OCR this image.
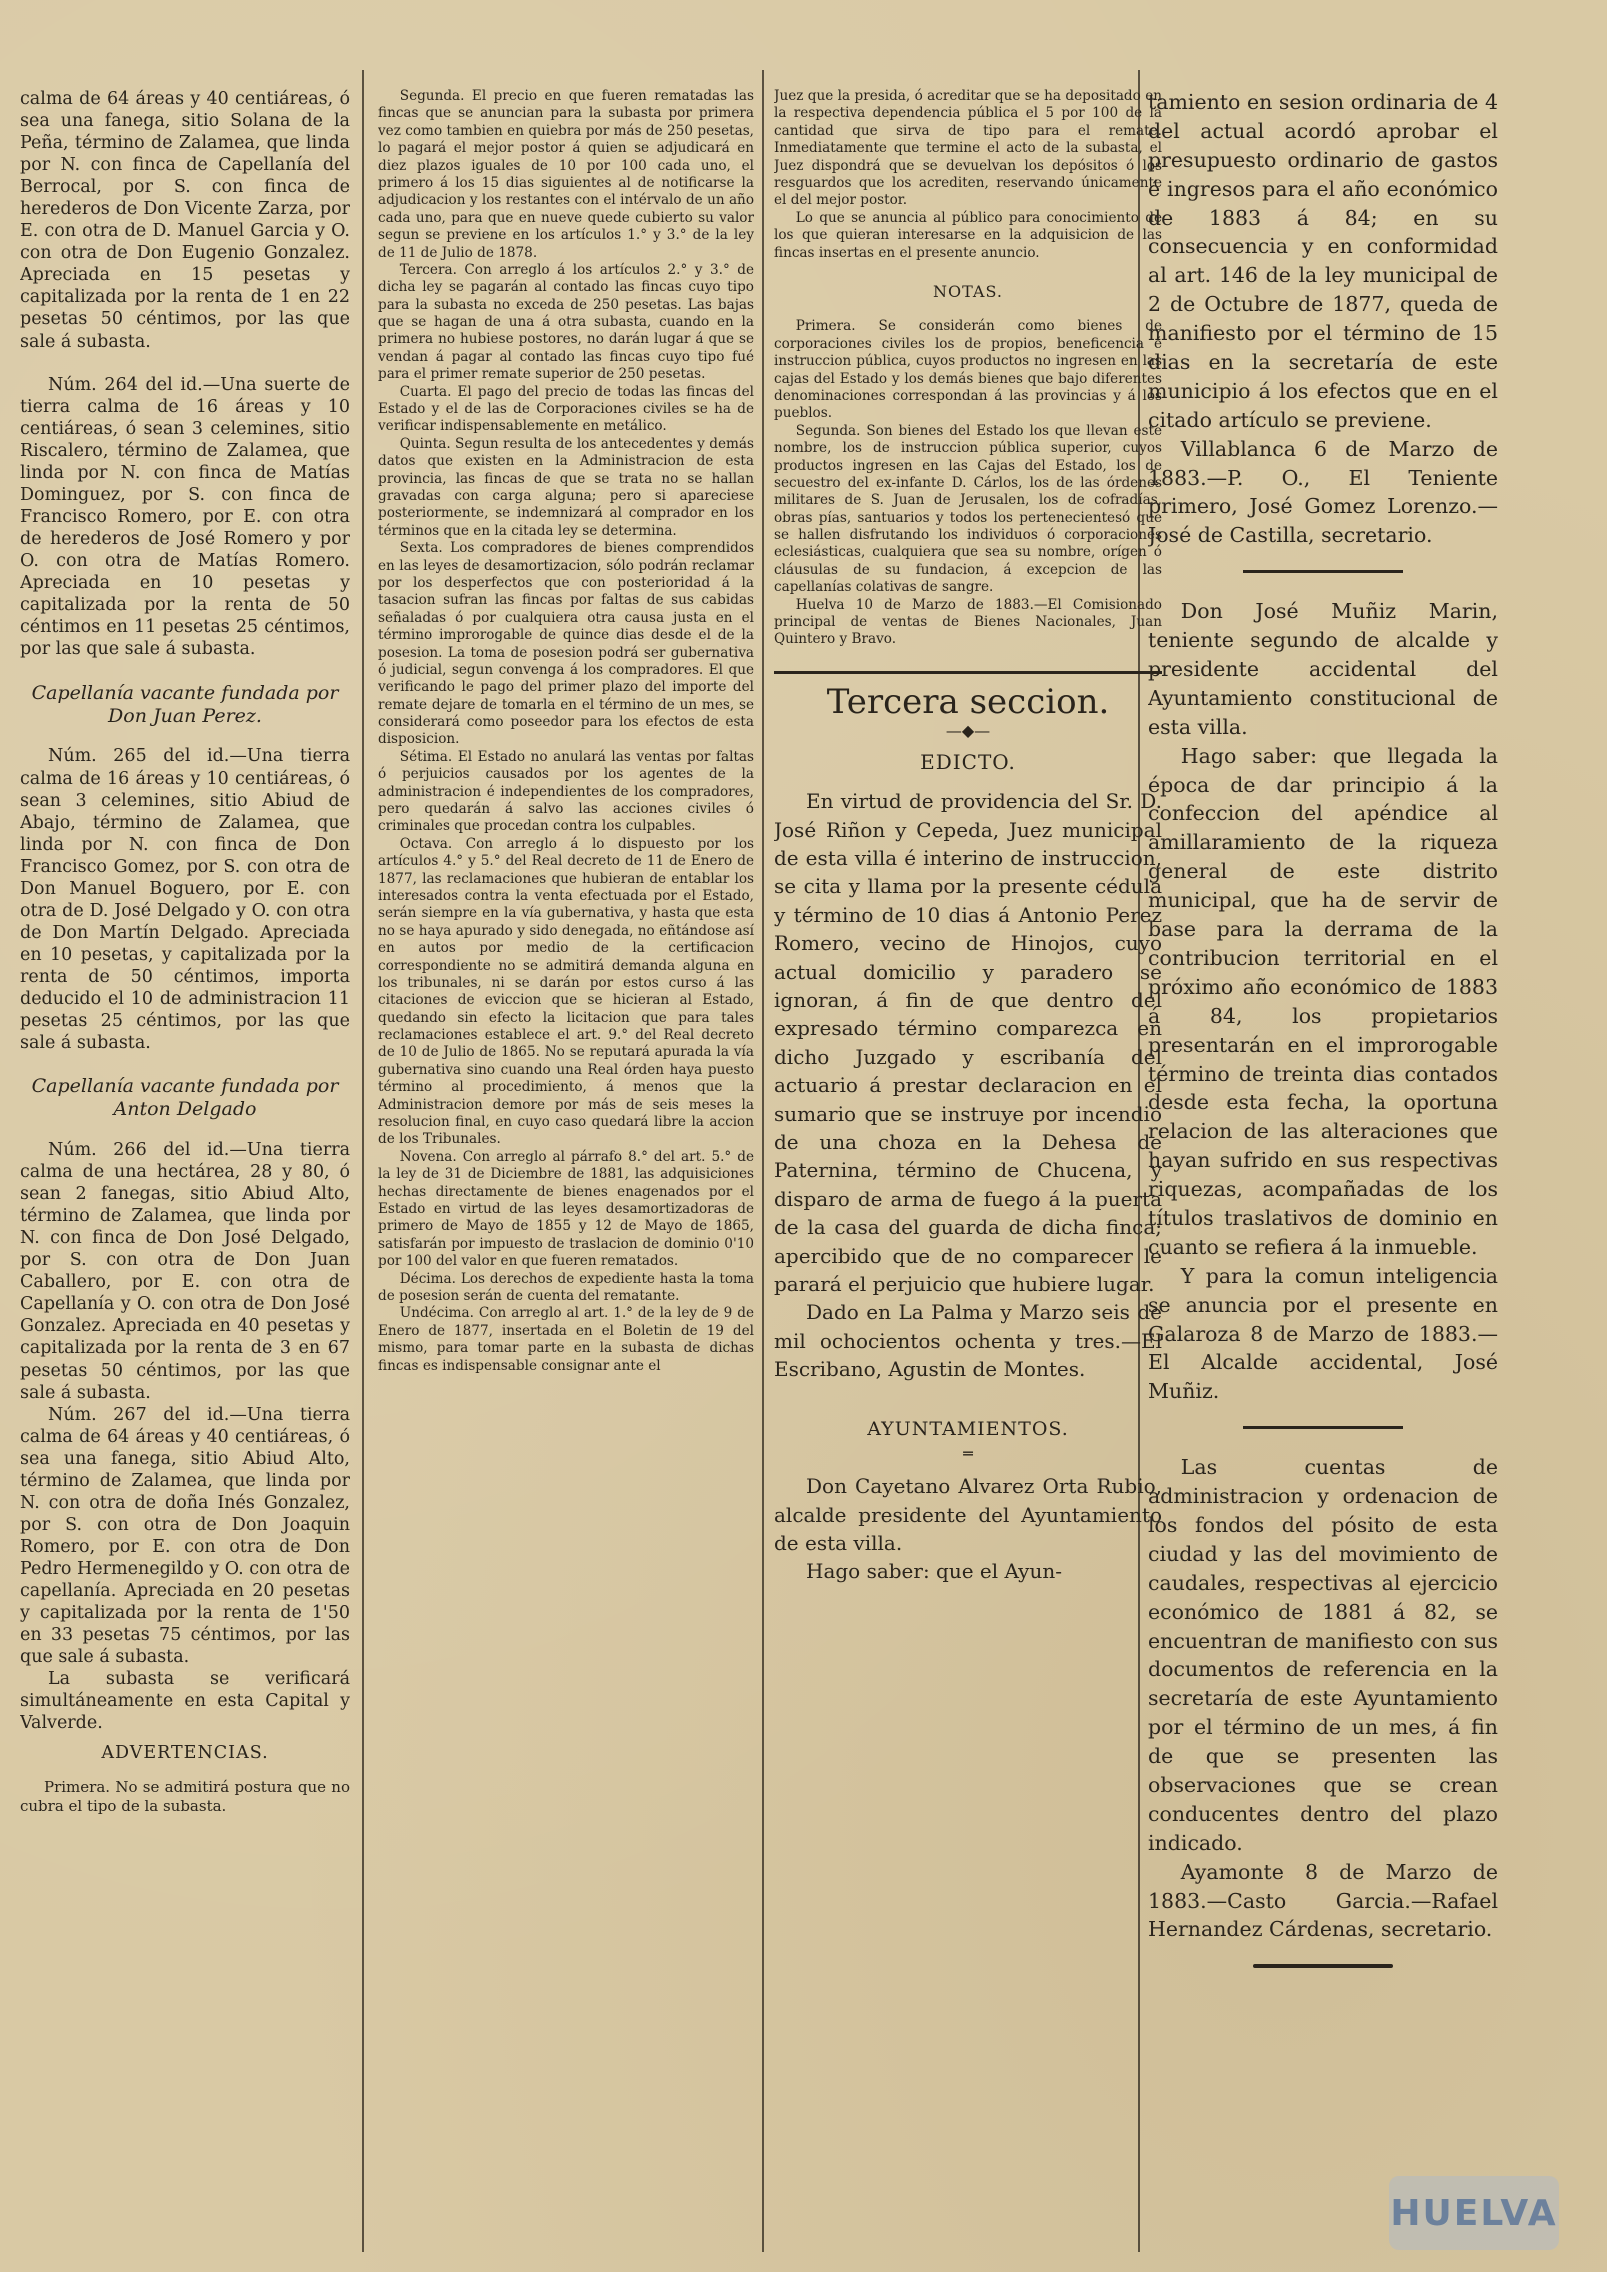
calma de 64 áreas y 40 centiáreas, ó sea una fanega, sitio Solana de la Peña, término de Zalamea, que linda por N. con finca de Capellanía del Berrocal, por S. con finca de herederos de Don Vicente Zarza, por E. con otra de D. Manuel Garcia y O. con otra de Don Eugenio Gonzalez. Apreciada en 15 pesetas y capitalizada por la renta de 1 en 22 pesetas 50 céntimos, por las que sale á subasta.

Núm. 264 del id.—Una suerte de tierra calma de 16 áreas y 10 centiáreas, ó sean 3 celemines, sitio Riscalero, término de Zalamea, que linda por N. con finca de Matías Dominguez, por S. con finca de Francisco Romero, por E. con otra de herederos de José Romero y por O. con otra de Matías Romero. Apreciada en 10 pesetas y capitalizada por la renta de 50 céntimos en 11 pesetas 25 céntimos, por las que sale á subasta.

Capellanía vacante fundada por Don Juan Perez.

Núm. 265 del id.—Una tierra calma de 16 áreas y 10 centiáreas, ó sean 3 celemines, sitio Abiud de Abajo, término de Zalamea, que linda por N. con finca de Don Francisco Gomez, por S. con otra de Don Manuel Boguero, por E. con otra de D. José Delgado y O. con otra de Don Martín Delgado. Apreciada en 10 pesetas, y capitalizada por la renta de 50 céntimos, importa deducido el 10 de administracion 11 pesetas 25 céntimos, por las que sale á subasta.

Capellanía vacante fundada por Anton Delgado

Núm. 266 del id.—Una tierra calma de una hectárea, 28 y 80, ó sean 2 fanegas, sitio Abiud Alto, término de Zalamea, que linda por N. con finca de Don José Delgado, por S. con otra de Don Juan Caballero, por E. con otra de Capellanía y O. con otra de Don José Gonzalez. Apreciada en 40 pesetas y capitalizada por la renta de 3 en 67 pesetas 50 céntimos, por las que sale á subasta.

Núm. 267 del id.—Una tierra calma de 64 áreas y 40 centiáreas, ó sea una fanega, sitio Abiud Alto, término de Zalamea, que linda por N. con otra de doña Inés Gonzalez, por S. con otra de Don Joaquin Romero, por E. con otra de Don Pedro Hermenegildo y O. con otra de capellanía. Apreciada en 20 pesetas y capitalizada por la renta de 1'50 en 33 pesetas 75 céntimos, por las que sale á subasta.

La subasta se verificará simultáneamente en esta Capital y Valverde.

ADVERTENCIAS.

Primera. No se admitirá postura que no cubra el tipo de la subasta.

Segunda. El precio en que fueren rematadas las fincas que se anuncian para la subasta por primera vez como tambien en quiebra por más de 250 pesetas, lo pagará el mejor postor á quien se adjudicará en diez plazos iguales de 10 por 100 cada uno, el primero á los 15 dias siguientes al de notificarse la adjudicacion y los restantes con el intérvalo de un año cada uno, para que en nueve quede cubierto su valor segun se previene en los artículos 1.° y 3.° de la ley de 11 de Julio de 1878.

Tercera. Con arreglo á los artículos 2.° y 3.° de dicha ley se pagarán al contado las fincas cuyo tipo para la subasta no exceda de 250 pesetas. Las bajas que se hagan de una á otra subasta, cuando en la primera no hubiese postores, no darán lugar á que se vendan á pagar al contado las fincas cuyo tipo fué para el primer remate superior de 250 pesetas.

Cuarta. El pago del precio de todas las fincas del Estado y el de las de Corporaciones civiles se ha de verificar indispensablemente en metálico.

Quinta. Segun resulta de los antecedentes y demás datos que existen en la Administracion de esta provincia, las fincas de que se trata no se hallan gravadas con carga alguna; pero si apareciese posteriormente, se indemnizará al comprador en los términos que en la citada ley se determina.

Sexta. Los compradores de bienes comprendidos en las leyes de desamortizacion, sólo podrán reclamar por los desperfectos que con posterioridad á la tasacion sufran las fincas por faltas de sus cabidas señaladas ó por cualquiera otra causa justa en el término improrogable de quince dias desde el de la posesion. La toma de posesion podrá ser gubernativa ó judicial, segun convenga á los compradores. El que verificando le pago del primer plazo del importe del remate dejare de tomarla en el término de un mes, se considerará como poseedor para los efectos de esta disposicion.

Sétima. El Estado no anulará las ventas por faltas ó perjuicios causados por los agentes de la administracion é independientes de los compradores, pero quedarán á salvo las acciones civiles ó criminales que procedan contra los culpables.

Octava. Con arreglo á lo dispuesto por los artículos 4.° y 5.° del Real decreto de 11 de Enero de 1877, las reclamaciones que hubieran de entablar los interesados contra la venta efectuada por el Estado, serán siempre en la vía gubernativa, y hasta que esta no se haya apurado y sido denegada, no eñtándose así en autos por medio de la certificacion correspondiente no se admitirá demanda alguna en los tribunales, ni se darán por estos curso á las citaciones de eviccion que se hicieran al Estado, quedando sin efecto la licitacion que para tales reclamaciones establece el art. 9.° del Real decreto de 10 de Julio de 1865. No se reputará apurada la vía gubernativa sino cuando una Real órden haya puesto término al procedimiento, á menos que la Administracion demore por más de seis meses la resolucion final, en cuyo caso quedará libre la accion de los Tribunales.

Novena. Con arreglo al párrafo 8.° del art. 5.° de la ley de 31 de Diciembre de 1881, las adquisiciones hechas directamente de bienes enagenados por el Estado en virtud de las leyes desamortizadoras de primero de Mayo de 1855 y 12 de Mayo de 1865, satisfarán por impuesto de traslacion de dominio 0'10 por 100 del valor en que fueren rematados.

Décima. Los derechos de expediente hasta la toma de posesion serán de cuenta del rematante.

Undécima. Con arreglo al art. 1.° de la ley de 9 de Enero de 1877, insertada en el Boletin de 19 del mismo, para tomar parte en la subasta de dichas fincas es indispensable consignar ante el

Juez que la presida, ó acreditar que se ha depositado en la respectiva dependencia pública el 5 por 100 de la cantidad que sirva de tipo para el remate. Inmediatamente que termine el acto de la subasta, el Juez dispondrá que se devuelvan los depósitos ó los resguardos que los acrediten, reservando únicamente el del mejor postor.

Lo que se anuncia al público para conocimiento de los que quieran interesarse en la adquisicion de las fincas insertas en el presente anuncio.

NOTAS.

Primera. Se considerán como bienes de corporaciones civiles los de propios, beneficencia é instruccion pública, cuyos productos no ingresen en las cajas del Estado y los demás bienes que bajo diferentes denominaciones correspondan á las provincias y á los pueblos.

Segunda. Son bienes del Estado los que llevan este nombre, los de instruccion pública superior, cuyos productos ingresen en las Cajas del Estado, los de secuestro del ex-infante D. Cárlos, los de las órdenes militares de S. Juan de Jerusalen, los de cofradías, obras pías, santuarios y todos los pertenecientesó que se hallen disfrutando los individuos ó corporaciones eclesiásticas, cualquiera que sea su nombre, orígen ó cláusulas de su fundacion, á excepcion de las capellanías colativas de sangre.

Huelva 10 de Marzo de 1883.—El Comisionado principal de ventas de Bienes Nacionales, Juan Quintero y Bravo.

Tercera seccion.
—◆—

EDICTO.

En virtud de providencia del Sr. D. José Riñon y Cepeda, Juez municipal de esta villa é interino de instruccion, se cita y llama por la presente cédula y término de 10 dias á Antonio Perez Romero, vecino de Hinojos, cuyo actual domicilio y paradero se ignoran, á fin de que dentro del expresado término comparezca en dicho Juzgado y escribanía del actuario á prestar declaracion en el sumario que se instruye por incendio de una choza en la Dehesa de Paternina, término de Chucena, y disparo de arma de fuego á la puerta de la casa del guarda de dicha finca; apercibido que de no comparecer le parará el perjuicio que hubiere lugar.

Dado en La Palma y Marzo seis de mil ochocientos ochenta y tres.—El Escribano, Agustin de Montes.

AYUNTAMIENTOS.

═

Don Cayetano Alvarez Orta Rubio, alcalde presidente del Ayuntamiento de esta villa.

Hago saber: que el Ayun-

tamiento en sesion ordinaria de 4 del actual acordó aprobar el presupuesto ordinario de gastos é ingresos para el año económico de 1883 á 84; en su consecuencia y en conformidad al art. 146 de la ley municipal de 2 de Octubre de 1877, queda de manifiesto por el término de 15 dias en la secretaría de este municipio á los efectos que en el citado artículo se previene.

Villablanca 6 de Marzo de 1883.—P. O., El Teniente primero, José Gomez Lorenzo.—José de Castilla, secretario.

Don José Muñiz Marin, teniente segundo de alcalde y presidente accidental del Ayuntamiento constitucional de esta villa.

Hago saber: que llegada la época de dar principio á la confeccion del apéndice al amillaramiento de la riqueza general de este distrito municipal, que ha de servir de base para la derrama de la contribucion territorial en el próximo año económico de 1883 á 84, los propietarios presentarán en el improrogable término de treinta dias contados desde esta fecha, la oportuna relacion de las alteraciones que hayan sufrido en sus respectivas riquezas, acompañadas de los títulos traslativos de dominio en cuanto se refiera á la inmueble.

Y para la comun inteligencia se anuncia por el presente en Galaroza 8 de Marzo de 1883.—El Alcalde accidental, José Muñiz.

Las cuentas de administracion y ordenacion de los fondos del pósito de esta ciudad y las del movimiento de caudales, respectivas al ejercicio económico de 1881 á 82, se encuentran de manifiesto con sus documentos de referencia en la secretaría de este Ayuntamiento por el término de un mes, á fin de que se presenten las observaciones que se crean conducentes dentro del plazo indicado.

Ayamonte 8 de Marzo de 1883.—Casto Garcia.—Rafael Hernandez Cárdenas, secretario.

HUELVA
